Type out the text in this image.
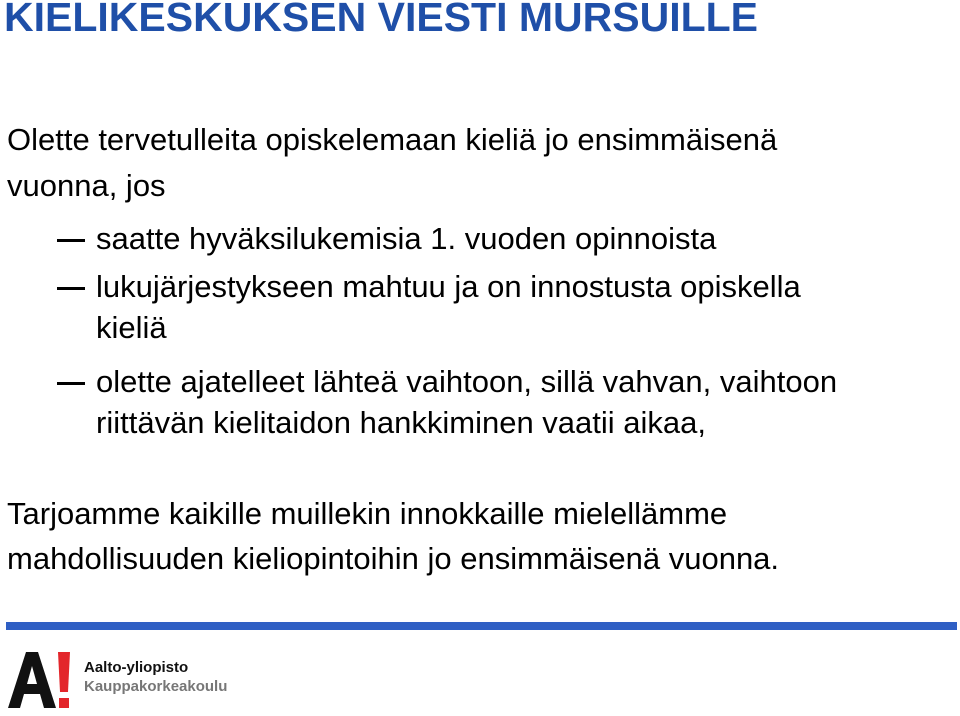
KIELIKESKUKSEN VIESTI MURSUILLE
Olette tervetulleita opiskelemaan kieliä jo ensimmäisenä
vuonna, jos
saatte hyväksilukemisia 1. vuoden opinnoista
lukujärjestykseen mahtuu ja on innostusta opiskella
kieliä
olette ajatelleet lähteä vaihtoon, sillä vahvan, vaihtoon
riittävän kielitaidon hankkiminen vaatii aikaa,
Tarjoamme kaikille muillekin innokkaille mielellämme
mahdollisuuden kieliopintoihin jo ensimmäisenä vuonna.
Aalto-yliopisto
Kauppakorkeakoulu
